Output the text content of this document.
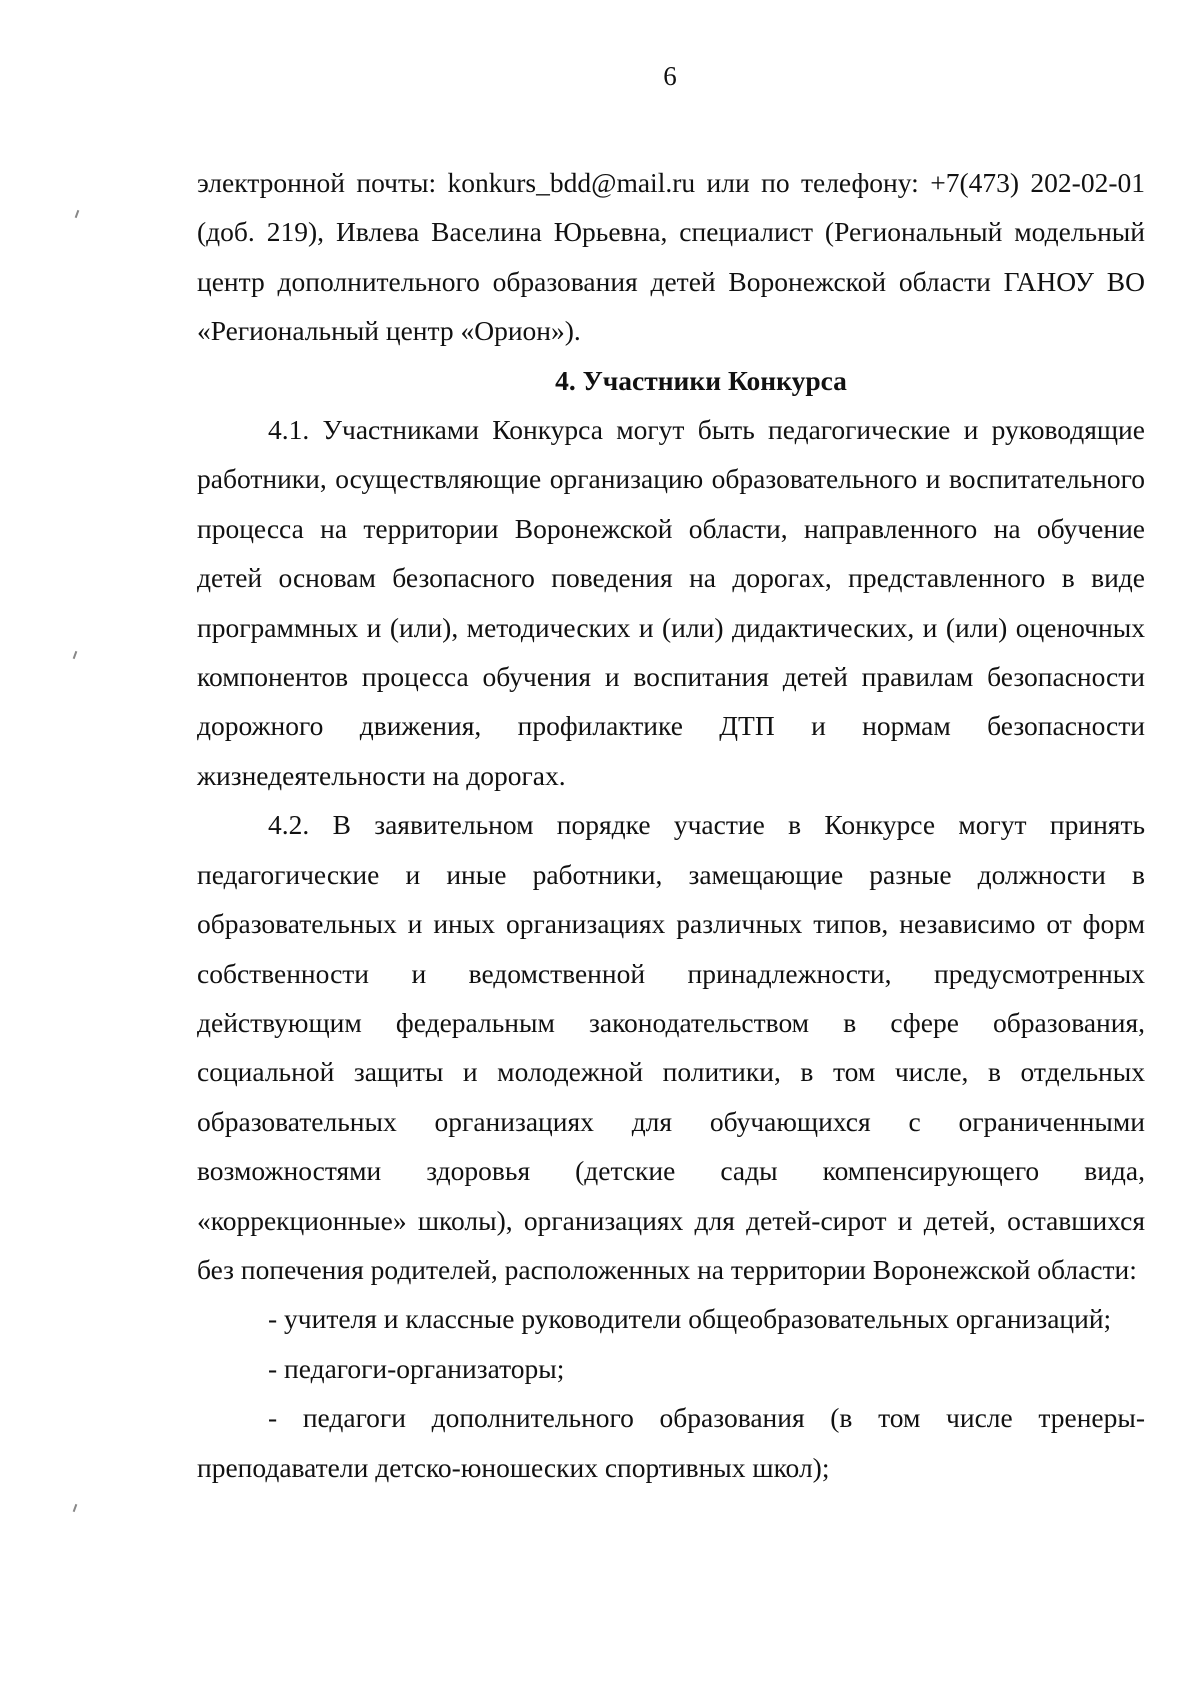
6

электронной почты: konkurs_bdd@mail.ru или по телефону: +7(473) 202-02-01 (доб. 219), Ивлева Васелина Юрьевна, специалист (Региональный модельный центр дополнительного образования детей Воронежской области ГАНОУ ВО «Региональный центр «Орион»).

4. Участники Конкурса

4.1. Участниками Конкурса могут быть педагогические и руководящие работники, осуществляющие организацию образовательного и воспитательного процесса на территории Воронежской области, направленного на обучение детей основам безопасного поведения на дорогах, представленного в виде программных и (или), методических и (или) дидактических, и (или) оценочных компонентов процесса обучения и воспитания детей правилам безопасности дорожного движения, профилактике ДТП и нормам безопасности жизнедеятельности на дорогах.

4.2. В заявительном порядке участие в Конкурсе могут принять педагогические и иные работники, замещающие разные должности в образовательных и иных организациях различных типов, независимо от форм собственности и ведомственной принадлежности, предусмотренных действующим федеральным законодательством в сфере образования, социальной защиты и молодежной политики, в том числе, в отдельных образовательных организациях для обучающихся с ограниченными возможностями здоровья (детские сады компенсирующего вида, «коррекционные» школы), организациях для детей-сирот и детей, оставшихся без попечения родителей, расположенных на территории Воронежской области:

- учителя и классные руководители общеобразовательных организаций;

- педагоги-организаторы;

- педагоги дополнительного образования (в том числе тренеры-преподаватели детско-юношеских спортивных школ);
